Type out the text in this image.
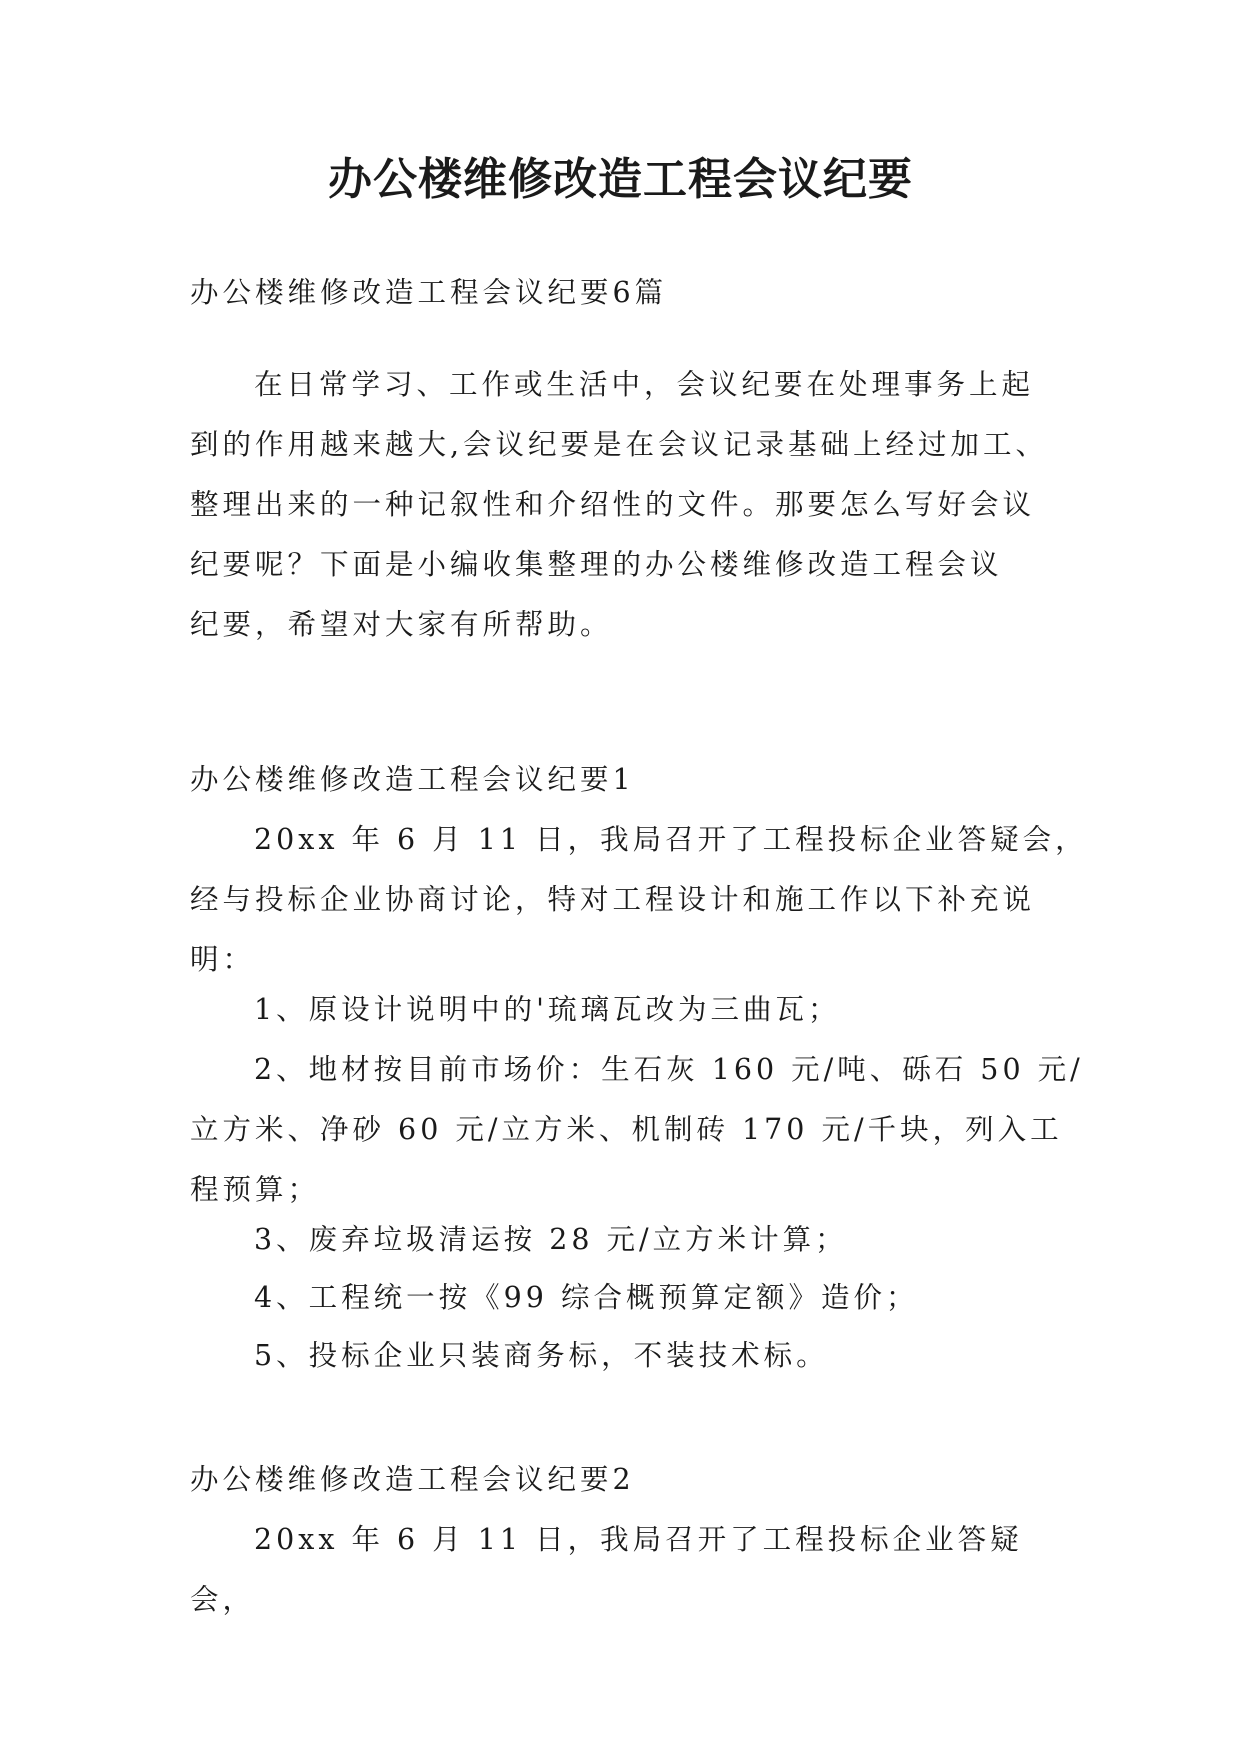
办公楼维修改造工程会议纪要

办公楼维修改造工程会议纪要6篇

在日常学习、工作或生活中，会议纪要在处理事务上起
到的作用越来越大,会议纪要是在会议记录基础上经过加工、
整理出来的一种记叙性和介绍性的文件。那要怎么写好会议
纪要呢？下面是小编收集整理的办公楼维修改造工程会议
纪要，希望对大家有所帮助。

办公楼维修改造工程会议纪要1

20xx 年 6 月 11 日，我局召开了工程投标企业答疑会，
经与投标企业协商讨论，特对工程设计和施工作以下补充说
明：

1、原设计说明中的'琉璃瓦改为三曲瓦；

2、地材按目前市场价：生石灰 160 元/吨、砾石 50 元/
立方米、净砂 60 元/立方米、机制砖 170 元/千块，列入工
程预算；

3、废弃垃圾清运按 28 元/立方米计算；

4、工程统一按《99 综合概预算定额》造价；

5、投标企业只装商务标，不装技术标。

办公楼维修改造工程会议纪要2

20xx 年 6 月 11 日，我局召开了工程投标企业答疑会，
